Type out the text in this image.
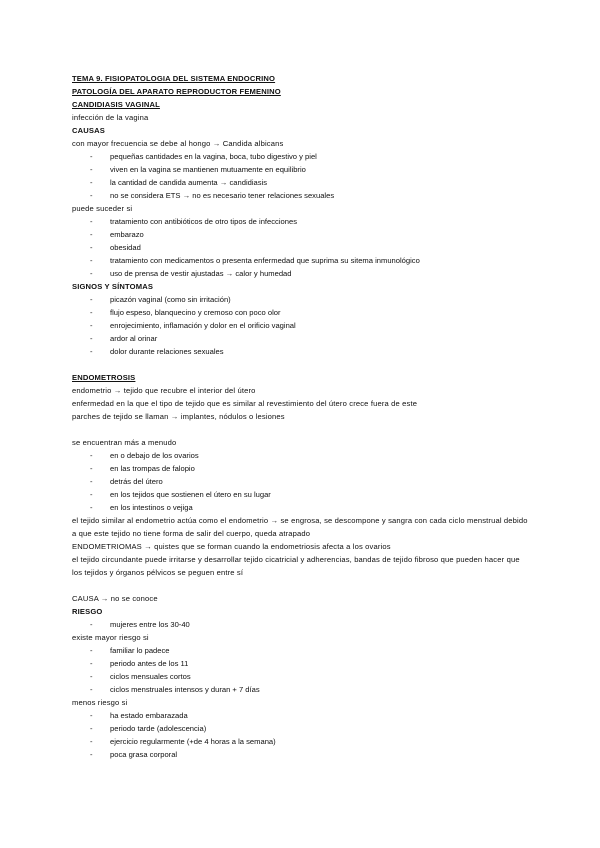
TEMA 9. FISIOPATOLOGIA DEL SISTEMA ENDOCRINO
PATOLOGÍA DEL APARATO REPRODUCTOR FEMENINO
CANDIDIASIS VAGINAL
infección de la vagina
CAUSAS
con mayor frecuencia se debe al hongo → Candida albicans
- pequeñas cantidades en la vagina, boca, tubo digestivo y piel
- viven en la vagina se mantienen mutuamente en equilibrio
- la cantidad de candida aumenta → candidiasis
- no se considera ETS → no es necesario tener relaciones sexuales
puede suceder si
- tratamiento con antibióticos de otro tipos de infecciones
- embarazo
- obesidad
- tratamiento con medicamentos o presenta enfermedad que suprima su sitema inmunológico
- uso de prensa de vestir ajustadas → calor y humedad
SIGNOS Y SÍNTOMAS
- picazón vaginal (como sin irritación)
- flujo espeso, blanquecino y cremoso con poco olor
- enrojecimiento, inflamación y dolor en el orificio vaginal
- ardor al orinar
- dolor durante relaciones sexuales
ENDOMETROSIS
endometrio → tejido que recubre el interior del útero
enfermedad en la que el tipo de tejido que es similar al revestimiento del útero crece fuera de este
parches de tejido se llaman → implantes, nódulos o lesiones
se encuentran más a menudo
- en o debajo de los ovarios
- en las trompas de falopio
- detrás del útero
- en los tejidos que sostienen el útero en su lugar
- en los intestinos o vejiga
el tejido similar al endometrio actúa como el endometrio → se engrosa, se descompone y sangra con cada ciclo menstrual debido a que este tejido no tiene forma de salir del cuerpo, queda atrapado
ENDOMETRIOMAS → quistes que se forman cuando la endometriosis afecta a los ovarios
el tejido circundante puede irritarse y desarrollar tejido cicatricial y adherencias, bandas de tejido fibroso que pueden hacer que los tejidos y órganos pélvicos se peguen entre sí
CAUSA → no se conoce
RIESGO
- mujeres entre los 30-40
existe mayor riesgo si
- familiar lo padece
- periodo antes de los 11
- ciclos mensuales cortos
- ciclos menstruales intensos y duran + 7 días
menos riesgo si
- ha estado embarazada
- periodo tarde (adolescencia)
- ejercicio regularmente (+de 4 horas a la semana)
- poca grasa corporal
